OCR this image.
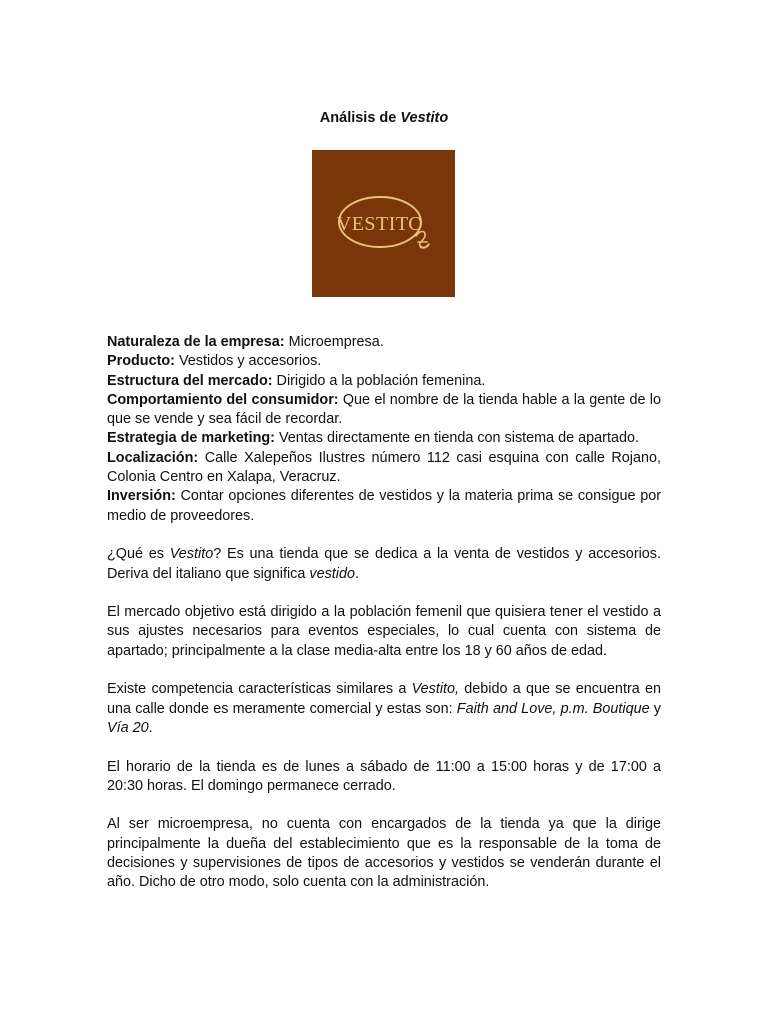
Análisis de Vestito
VESTITO

Naturaleza de la empresa: Microempresa.

Producto: Vestidos y accesorios.

Estructura del mercado: Dirigido a la población femenina.

Comportamiento del consumidor: Que el nombre de la tienda hable a la gente de lo que se vende y sea fácil de recordar.

Estrategia de marketing: Ventas directamente en tienda con sistema de apartado.

Localización: Calle Xalepeños Ilustres número 112 casi esquina con calle Rojano, Colonia Centro en Xalapa, Veracruz.

Inversión: Contar opciones diferentes de vestidos y la materia prima se consigue por medio de proveedores.

¿Qué es Vestito? Es una tienda que se dedica a la venta de vestidos y accesorios. Deriva del italiano que significa vestido.

El mercado objetivo está dirigido a la población femenil que quisiera tener el vestido a sus ajustes necesarios para eventos especiales, lo cual cuenta con sistema de apartado; principalmente a la clase media-alta entre los 18 y 60 años de edad.

Existe competencia características similares a Vestito, debido a que se encuentra en una calle donde es meramente comercial y estas son: Faith and Love, p.m. Boutique y Vía 20.

El horario de la tienda es de lunes a sábado de 11:00 a 15:00 horas y de 17:00 a 20:30 horas. El domingo permanece cerrado.

Al ser microempresa, no cuenta con encargados de la tienda ya que la dirige principalmente la dueña del establecimiento que es la responsable de la toma de decisiones y supervisiones de tipos de accesorios y vestidos se venderán durante el año. Dicho de otro modo, solo cuenta con la administración.
